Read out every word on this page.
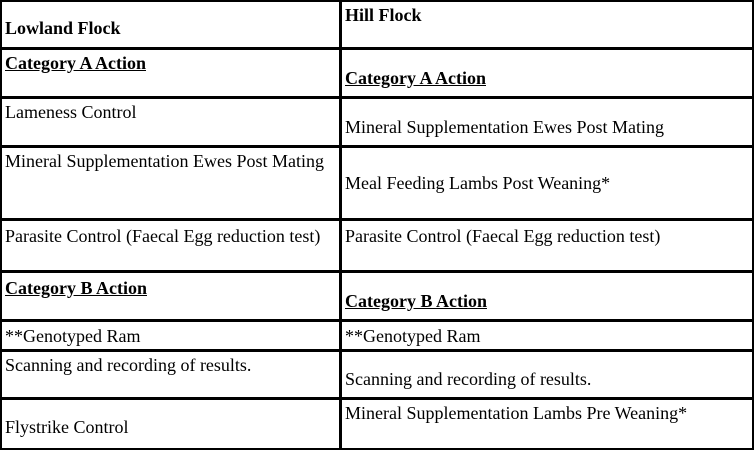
Lowland Flock
Hill Flock
Category A Action
Category A Action
Lameness Control
Mineral Supplementation Ewes Post Mating
Mineral Supplementation Ewes Post Mating
Meal Feeding Lambs Post Weaning*
Parasite Control (Faecal Egg reduction test) Parasite Control (Faecal Egg reduction test)
Category B Action
Category B Action
**Genotyped Ram	**Genotyped Ram
Scanning and recording of results.
Scanning and recording of results.
Flystrike Control
Mineral Supplementation Lambs Pre Weaning*
